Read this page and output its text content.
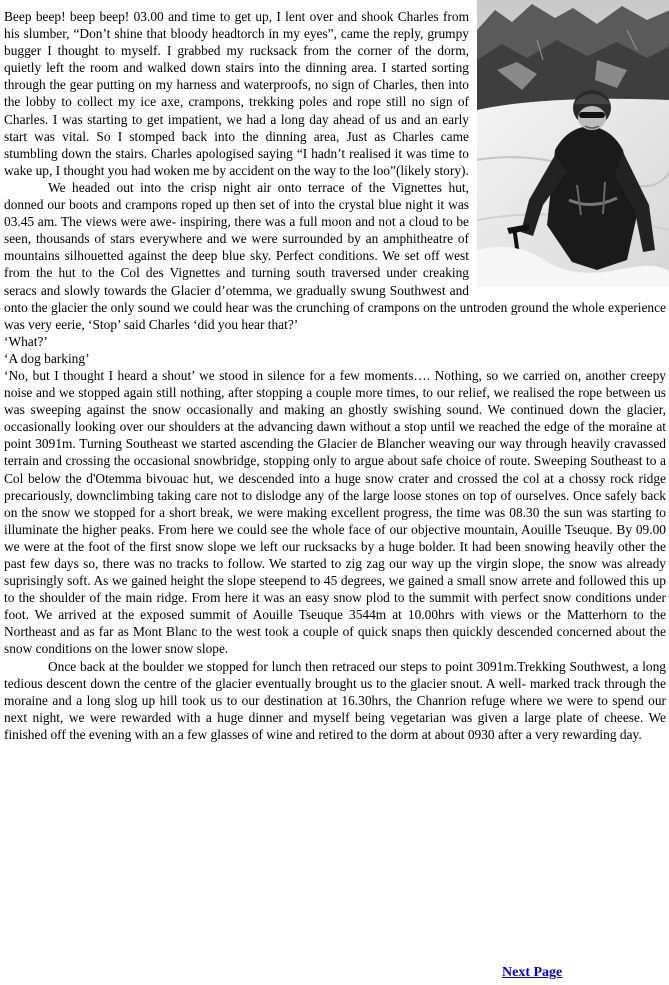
Beep beep! beep beep! 03.00 and time to get up, I lent over and shook Charles from his slumber, “Don’t shine that bloody headtorch in my eyes”, came the reply, grumpy bugger I thought to myself. I grabbed my rucksack from the corner of the dorm, quietly left the room and walked down stairs into the dinning area. I started sorting through the gear putting on my harness and waterproofs, no sign of Charles, then into the lobby to collect my ice axe, crampons, trekking poles and rope still no sign of Charles. I was starting to get impatient, we had a long day ahead of us and an early start was vital. So I stomped back into the dinning area, Just as Charles came stumbling down the stairs. Charles apologised saying “I hadn’t realised it was time to wake up, I thought you had woken me by accident on the way to the loo”(likely story).

We headed out into the crisp night air onto terrace of the Vignettes hut, donned our boots and crampons roped up then set of into the crystal blue night it was 03.45 am. The views were awe- inspiring, there was a full moon and not a cloud to be seen, thousands of stars everywhere and we were surrounded by an amphitheatre of mountains silhouetted against the deep blue sky. Perfect conditions. We set off west from the hut to the Col des Vignettes and turning south traversed under creaking seracs and slowly towards the Glacier d’otemma, we gradually swung Southwest and onto the glacier the only sound we could hear was the crunching of crampons on the untroden ground the whole experience was very eerie, ‘Stop’ said Charles ‘did you hear that?’

‘What?’

‘A dog barking’

‘No, but I thought I heard a shout’ we stood in silence for a few moments…. Nothing, so we carried on, another creepy noise and we stopped again still nothing, after stopping a couple more times, to our relief, we realised the rope between us was sweeping against the snow occasionally and making an ghostly swishing sound. We continued down the glacier, occasionally looking over our shoulders at the advancing dawn without a stop until we reached the edge of the moraine at point 3091m. Turning Southeast we started ascending the Glacier de Blancher weaving our way through heavily cravassed terrain and crossing the occasional snowbridge, stopping only to argue about safe choice of route. Sweeping Southeast to a Col below the d'Otemma bivouac hut, we descended into a huge snow crater and crossed the col at a chossy rock ridge precariously, downclimbing taking care not to dislodge any of the large loose stones on top of ourselves. Once safely back on the snow we stopped for a short break, we were making excellent progress, the time was 08.30 the sun was starting to illuminate the higher peaks. From here we could see the whole face of our objective mountain, Aouille Tseuque. By 09.00 we were at the foot of the first snow slope we left our rucksacks by a huge bolder. It had been snowing heavily other the past few days so, there was no tracks to follow. We started to zig zag our way up the virgin slope, the snow was already suprisingly soft. As we gained height the slope steepend to 45 degrees, we gained a small snow arrete and followed this up to the shoulder of the main ridge. From here it was an easy snow plod to the summit with perfect snow conditions under foot. We arrived at the exposed summit of Aouille Tseuque 3544m at 10.00hrs with views or the Matterhorn to the Northeast and as far as Mont Blanc to the west took a couple of quick snaps then quickly descended concerned about the snow conditions on the lower snow slope.

Once back at the boulder we stopped for lunch then retraced our steps to point 3091m.Trekking Southwest, a long tedious descent down the centre of the glacier eventually brought us to the glacier snout. A well- marked track through the moraine and a long slog up hill took us to our destination at 16.30hrs, the Chanrion refuge where we were to spend our next night, we were rewarded with a huge dinner and myself being vegetarian was given a large plate of cheese. We finished off the evening with an a few glasses of wine and retired to the dorm at about 0930 after a very rewarding day.

Next Page
